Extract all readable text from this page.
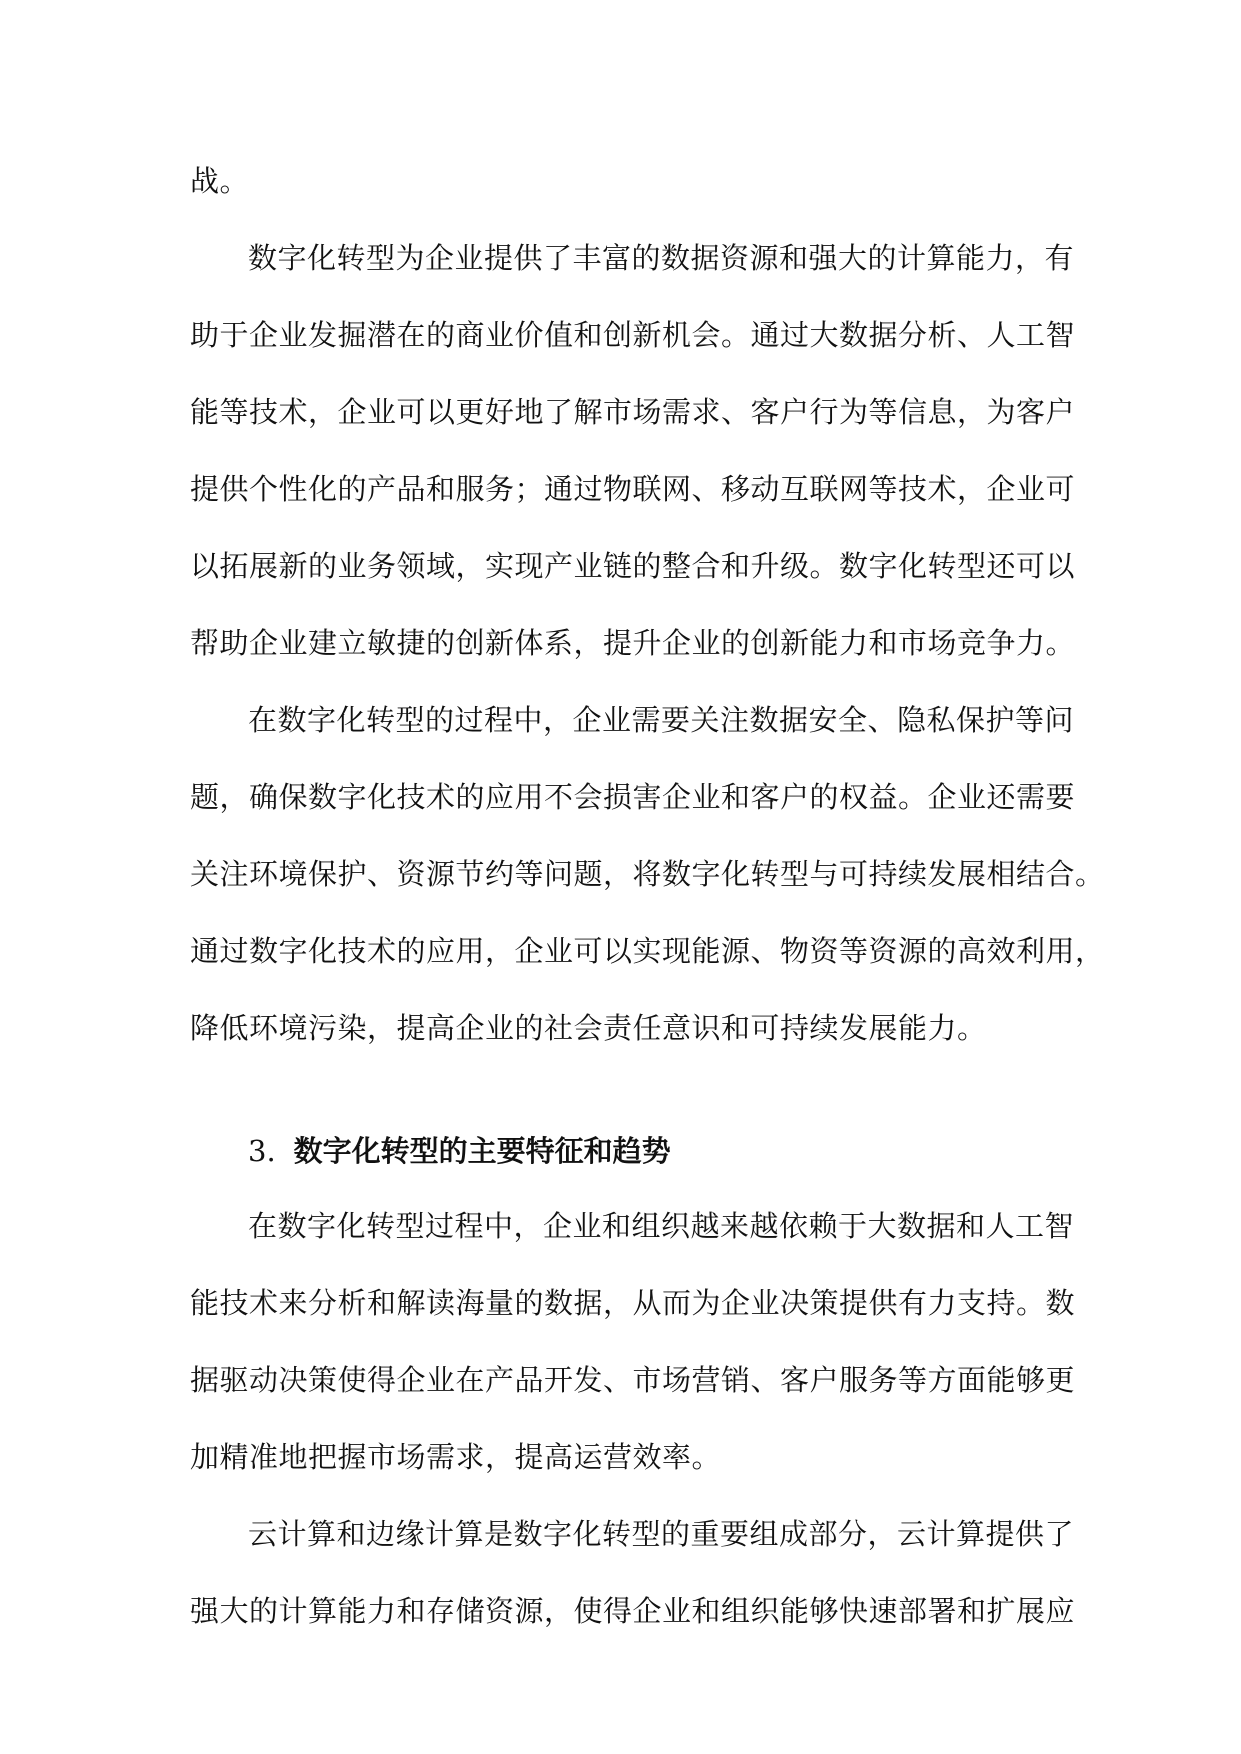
战。
数字化转型为企业提供了丰富的数据资源和强大的计算能力，有
助于企业发掘潜在的商业价值和创新机会。通过大数据分析、人工智
能等技术，企业可以更好地了解市场需求、客户行为等信息，为客户
提供个性化的产品和服务；通过物联网、移动互联网等技术，企业可
以拓展新的业务领域，实现产业链的整合和升级。数字化转型还可以
帮助企业建立敏捷的创新体系，提升企业的创新能力和市场竞争力。
在数字化转型的过程中，企业需要关注数据安全、隐私保护等问
题，确保数字化技术的应用不会损害企业和客户的权益。企业还需要
关注环境保护、资源节约等问题，将数字化转型与可持续发展相结合。
通过数字化技术的应用，企业可以实现能源、物资等资源的高效利用，
降低环境污染，提高企业的社会责任意识和可持续发展能力。
3. 数字化转型的主要特征和趋势
在数字化转型过程中，企业和组织越来越依赖于大数据和人工智
能技术来分析和解读海量的数据，从而为企业决策提供有力支持。数
据驱动决策使得企业在产品开发、市场营销、客户服务等方面能够更
加精准地把握市场需求，提高运营效率。
云计算和边缘计算是数字化转型的重要组成部分，云计算提供了
强大的计算能力和存储资源，使得企业和组织能够快速部署和扩展应
